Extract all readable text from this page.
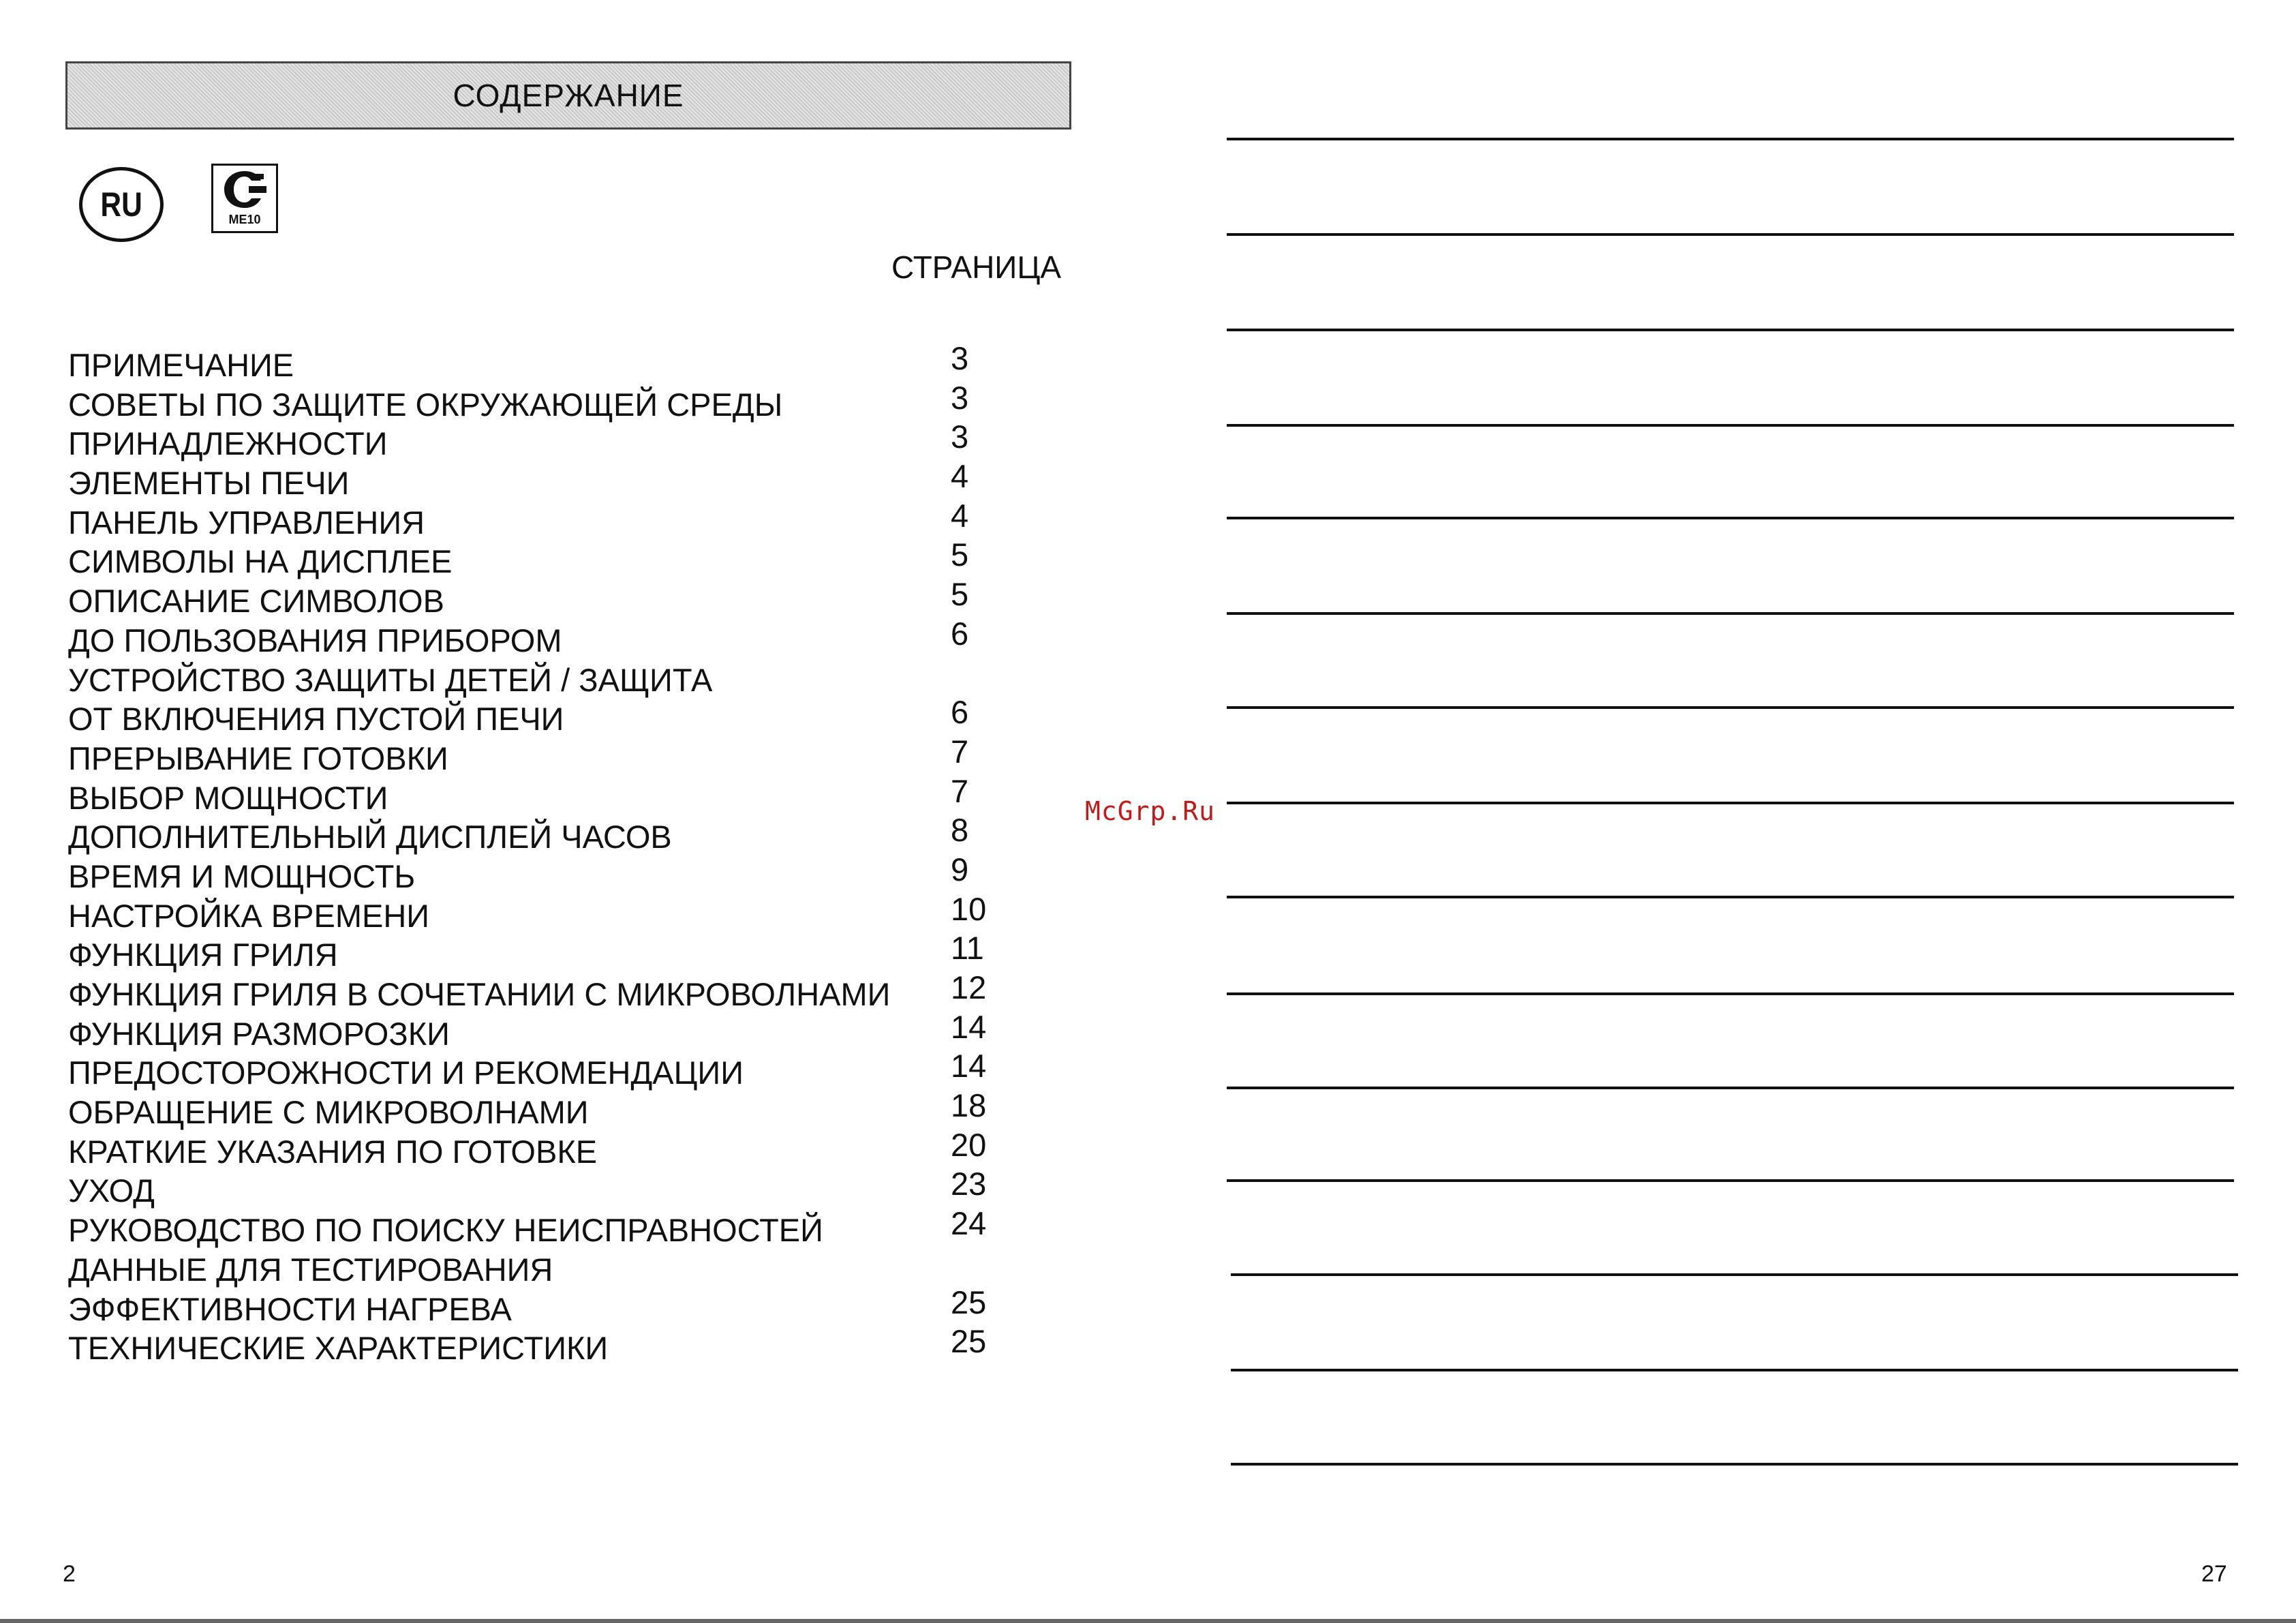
СОДЕРЖАНИЕ
RU	ME10
СТРАНИЦА
ПРИМЕЧАНИЕ	3
СОВЕТЫ ПО ЗАЩИТЕ ОКРУЖАЮЩЕЙ СРЕДЫ	3
ПРИНАДЛЕЖНОСТИ	3
ЭЛЕМЕНТЫ ПЕЧИ	4
ПАНЕЛЬ УПРАВЛЕНИЯ	4
СИМВОЛЫ НА ДИСПЛЕЕ	5
ОПИСАНИЕ СИМВОЛОВ	5
ДО ПОЛЬЗОВАНИЯ ПРИБОРОМ	6
УСТРОЙСТВО ЗАЩИТЫ ДЕТЕЙ / ЗАЩИТА
ОТ ВКЛЮЧЕНИЯ ПУСТОЙ ПЕЧИ	6
ПРЕРЫВАНИЕ ГОТОВКИ	7
ВЫБОР МОЩНОСТИ	7
ДОПОЛНИТЕЛЬНЫЙ ДИСПЛЕЙ ЧАСОВ	8
ВРЕМЯ И МОЩНОСТЬ	9
НАСТРОЙКА ВРЕМЕНИ	10
ФУНКЦИЯ ГРИЛЯ	11
ФУНКЦИЯ ГРИЛЯ В СОЧЕТАНИИ С МИКРОВОЛНАМИ 12
ФУНКЦИЯ РАЗМОРОЗКИ	14
ПРЕДОСТОРОЖНОСТИ И РЕКОМЕНДАЦИИ	14
ОБРАЩЕНИЕ С МИКРОВОЛНАМИ	18
КРАТКИЕ УКАЗАНИЯ ПО ГОТОВКЕ	20
УХОД	23
РУКОВОДСТВО ПО ПОИСКУ НЕИСПРАВНОСТЕЙ	24
ДАННЫЕ ДЛЯ ТЕСТИРОВАНИЯ
ЭФФЕКТИВНОСТИ НАГРЕВА	25
ТЕХНИЧЕСКИЕ ХАРАКТЕРИСТИКИ	25
2
McGrp.Ru
27
